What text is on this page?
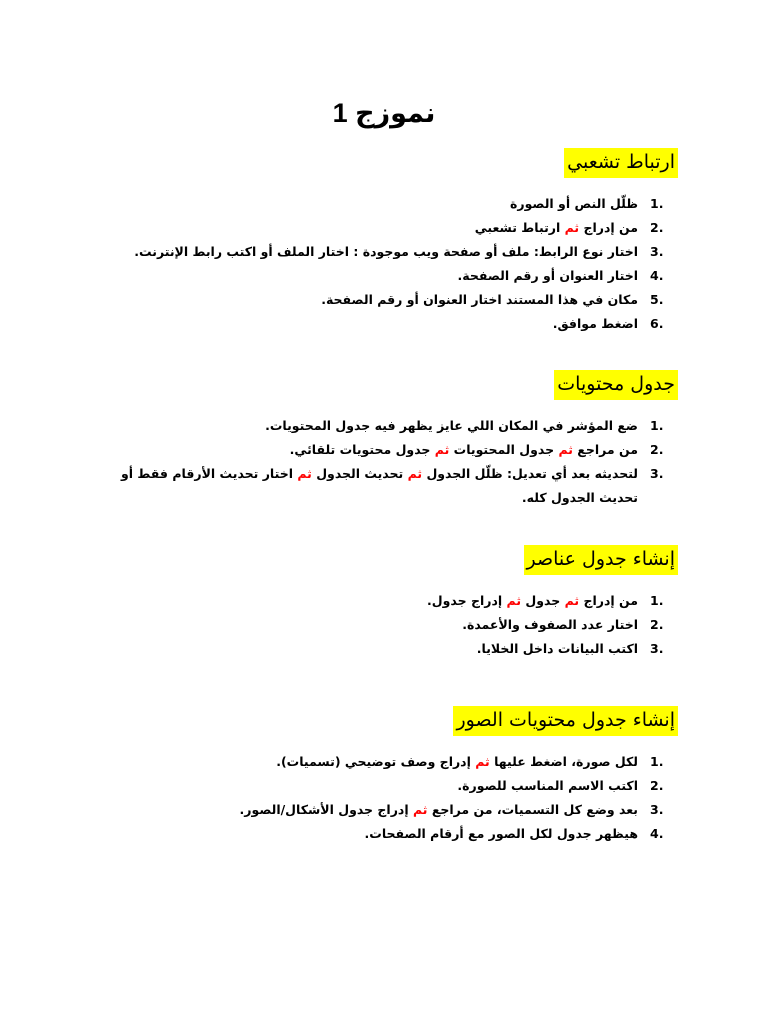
نموزج 1
ارتباط تشعبي
1.
ظلّل النص أو الصورة
2.
من إدراج ثم ارتباط تشعبي
3.
اختار نوع الرابط: ملف أو صفحة ويب موجودة : اختار الملف أو اكتب رابط الإنترنت.
4.
اختار العنوان أو رقم الصفحة.
5.
مكان في هذا المستند اختار العنوان أو رقم الصفحة.
6.
اضغط موافق.
جدول محتويات
1.
ضع المؤشر في المكان اللي عايز يظهر فيه جدول المحتويات.
2.
من مراجع ثم جدول المحتويات ثم جدول محتويات تلقائي.
3.
لتحديثه بعد أي تعديل: ظلّل الجدول ثم تحديث الجدول ثم اختار تحديث الأرقام فقط أو تحديث الجدول كله.
إنشاء جدول عناصر
1.
من إدراج ثم جدول ثم إدراج جدول.
2.
اختار عدد الصفوف والأعمدة.
3.
اكتب البيانات داخل الخلايا.
إنشاء جدول محتويات الصور
1.
لكل صورة، اضغط عليها ثم إدراج وصف توضيحي (تسميات).
2.
اكتب الاسم المناسب للصورة.
3.
بعد وضع كل التسميات، من مراجع ثم إدراج جدول الأشكال/الصور.
4.
هيظهر جدول لكل الصور مع أرقام الصفحات.
